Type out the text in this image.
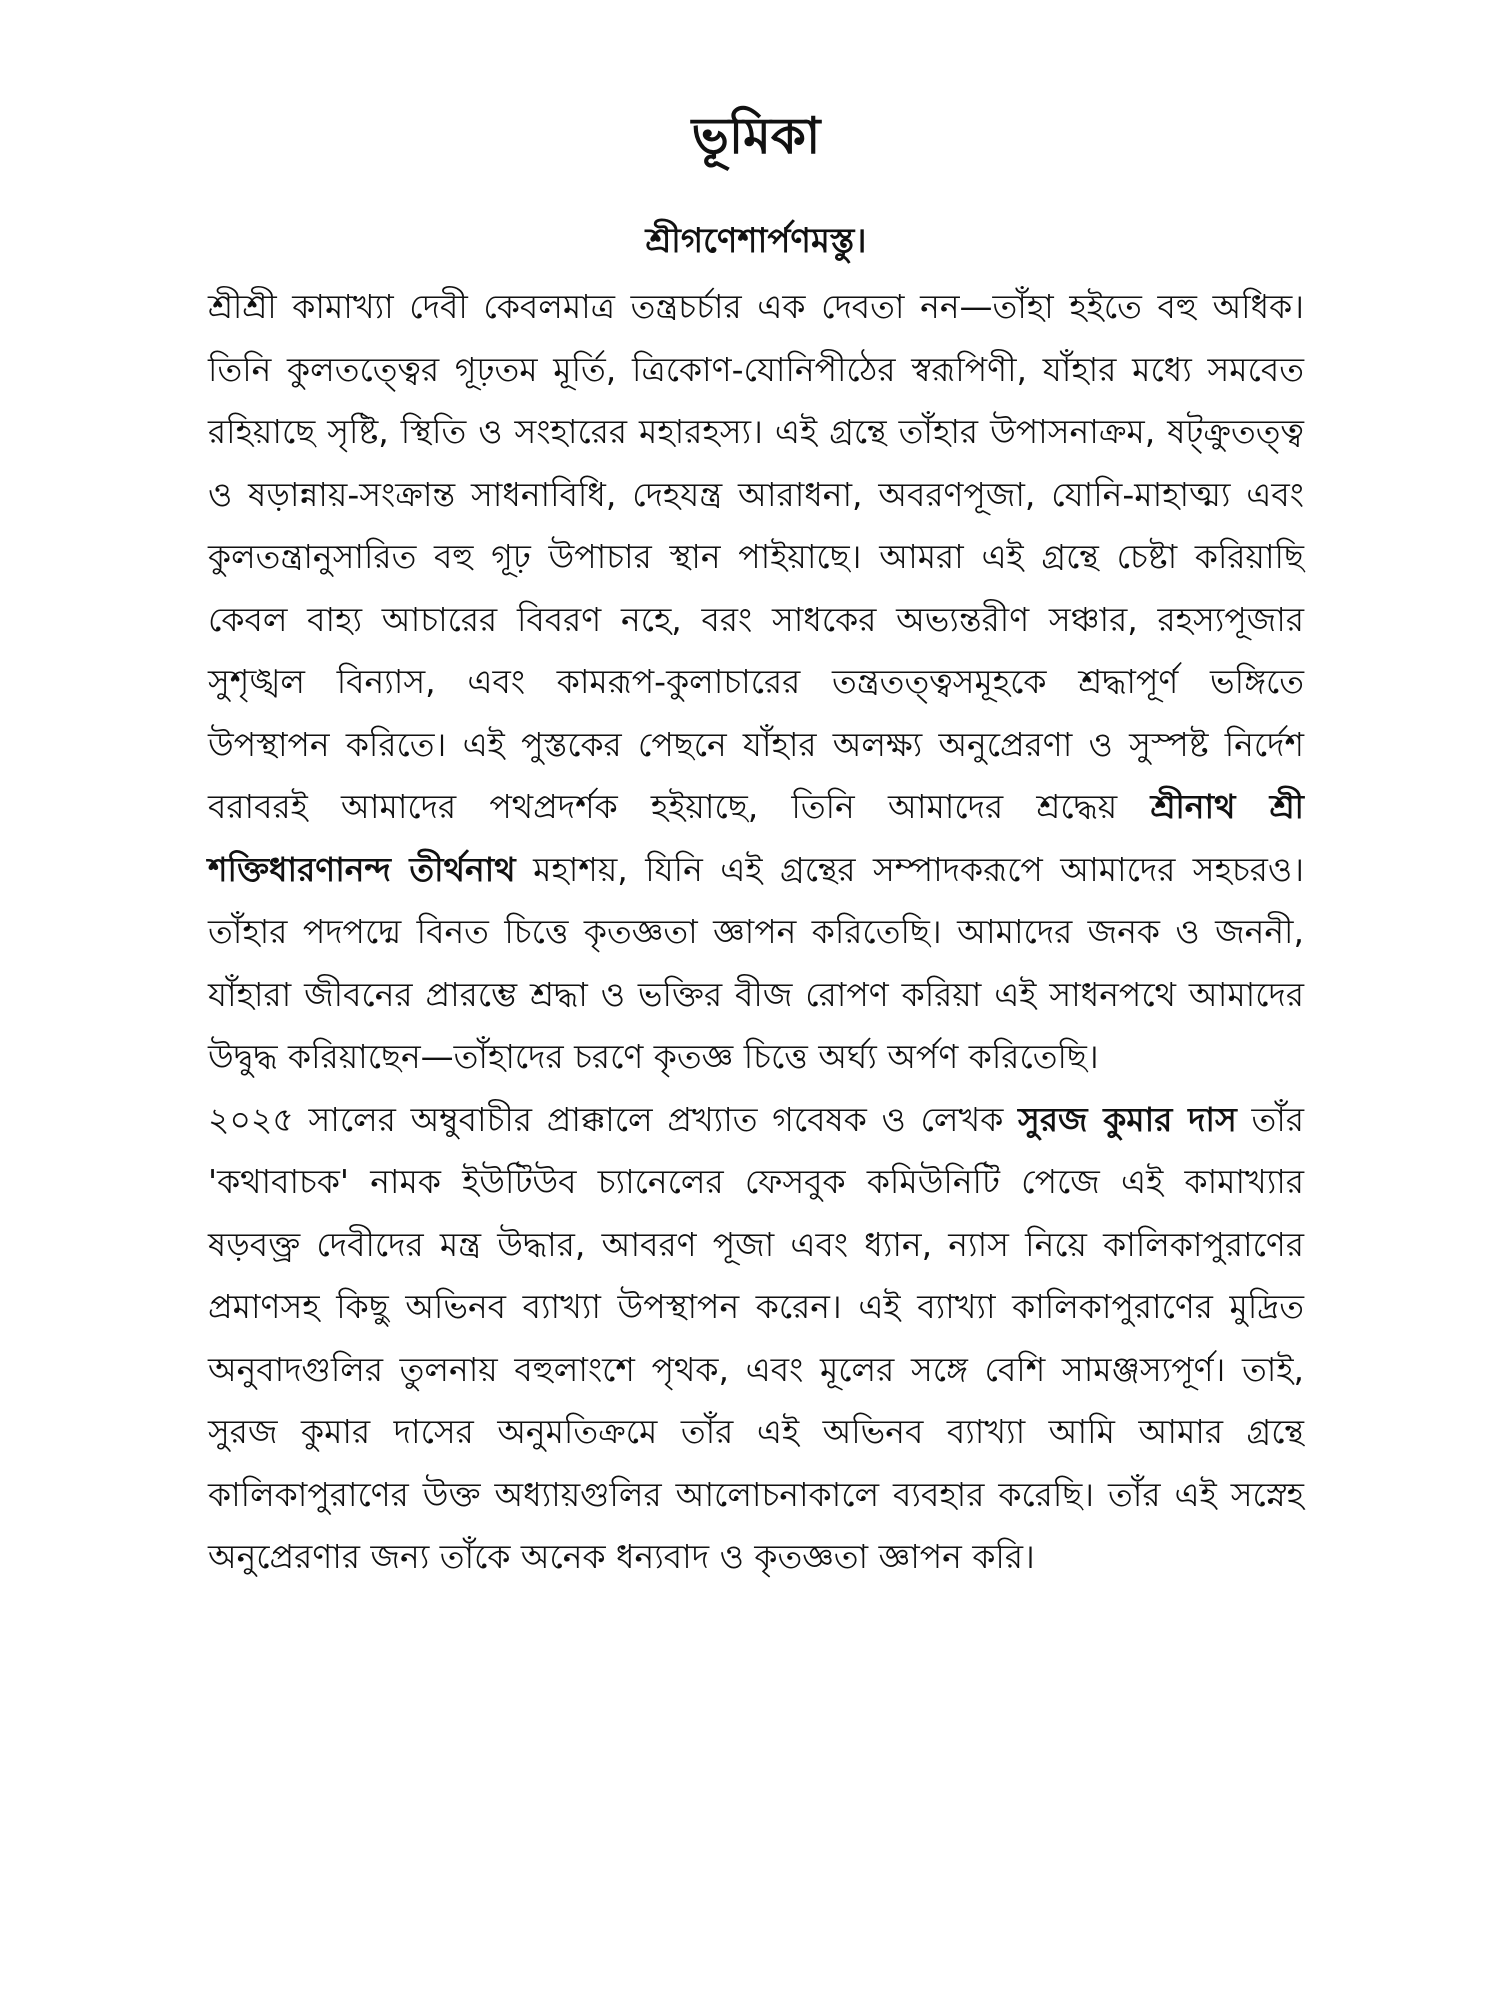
ভূমিকা
শ্রীগণেশার্পণমস্তু।

শ্রীশ্রী কামাখ্যা দেবী কেবলমাত্র তন্ত্রচর্চার এক দেবতা নন—তাঁহা হইতে বহু অধিক। তিনি কুলতত্ত্বের গূঢ়তম মূর্তি, ত্রিকোণ-যোনিপীঠের স্বরূপিণী, যাঁহার মধ্যে সমবেত রহিয়াছে সৃষ্টি, স্থিতি ও সংহারের মহারহস্য। এই গ্রন্থে তাঁহার উপাসনাক্রম, ষট্‌ক্রুতত্ত্ব ও ষড়ান্নায়-সংক্রান্ত সাধনাবিধি, দেহযন্ত্র আরাধনা, অবরণপূজা, যোনি-মাহাত্ম্য এবং কুলতন্ত্রানুসারিত বহু গূঢ় উপাচার স্থান পাইয়াছে। আমরা এই গ্রন্থে চেষ্টা করিয়াছি কেবল বাহ্য আচারের বিবরণ নহে, বরং সাধকের অভ্যন্তরীণ সঞ্চার, রহস্যপূজার সুশৃঙ্খল বিন্যাস, এবং কামরূপ-কুলাচারের তন্ত্রতত্ত্বসমূহকে শ্রদ্ধাপূর্ণ ভঙ্গিতে উপস্থাপন করিতে। এই পুস্তকের পেছনে যাঁহার অলক্ষ্য অনুপ্রেরণা ও সুস্পষ্ট নির্দেশ বরাবরই আমাদের পথপ্রদর্শক হইয়াছে, তিনি আমাদের শ্রদ্ধেয় শ্রীনাথ শ্রী শক্তিধারণানন্দ তীর্থনাথ মহাশয়, যিনি এই গ্রন্থের সম্পাদকরূপে আমাদের সহচরও। তাঁহার পদপদ্মে বিনত চিত্তে কৃতজ্ঞতা জ্ঞাপন করিতেছি। আমাদের জনক ও জননী, যাঁহারা জীবনের প্রারম্ভে শ্রদ্ধা ও ভক্তির বীজ রোপণ করিয়া এই সাধনপথে আমাদের উদ্বুদ্ধ করিয়াছেন—তাঁহাদের চরণে কৃতজ্ঞ চিত্তে অর্ঘ্য অর্পণ করিতেছি।

২০২৫ সালের অম্বুবাচীর প্রাক্কালে প্রখ্যাত গবেষক ও লেখক সুরজ কুমার দাস তাঁর 'কথাবাচক' নামক ইউটিউব চ্যানেলের ফেসবুক কমিউনিটি পেজে এই কামাখ্যার ষড়বক্ত্র দেবীদের মন্ত্র উদ্ধার, আবরণ পূজা এবং ধ্যান, ন্যাস নিয়ে কালিকাপুরাণের প্রমাণসহ কিছু অভিনব ব্যাখ্যা উপস্থাপন করেন। এই ব্যাখ্যা কালিকাপুরাণের মুদ্রিত অনুবাদগুলির তুলনায় বহুলাংশে পৃথক, এবং মূলের সঙ্গে বেশি সামঞ্জস্যপূর্ণ। তাই, সুরজ কুমার দাসের অনুমতিক্রমে তাঁর এই অভিনব ব্যাখ্যা আমি আমার গ্রন্থে কালিকাপুরাণের উক্ত অধ্যায়গুলির আলোচনাকালে ব্যবহার করেছি। তাঁর এই সস্নেহ অনুপ্রেরণার জন্য তাঁকে অনেক ধন্যবাদ ও কৃতজ্ঞতা জ্ঞাপন করি।
